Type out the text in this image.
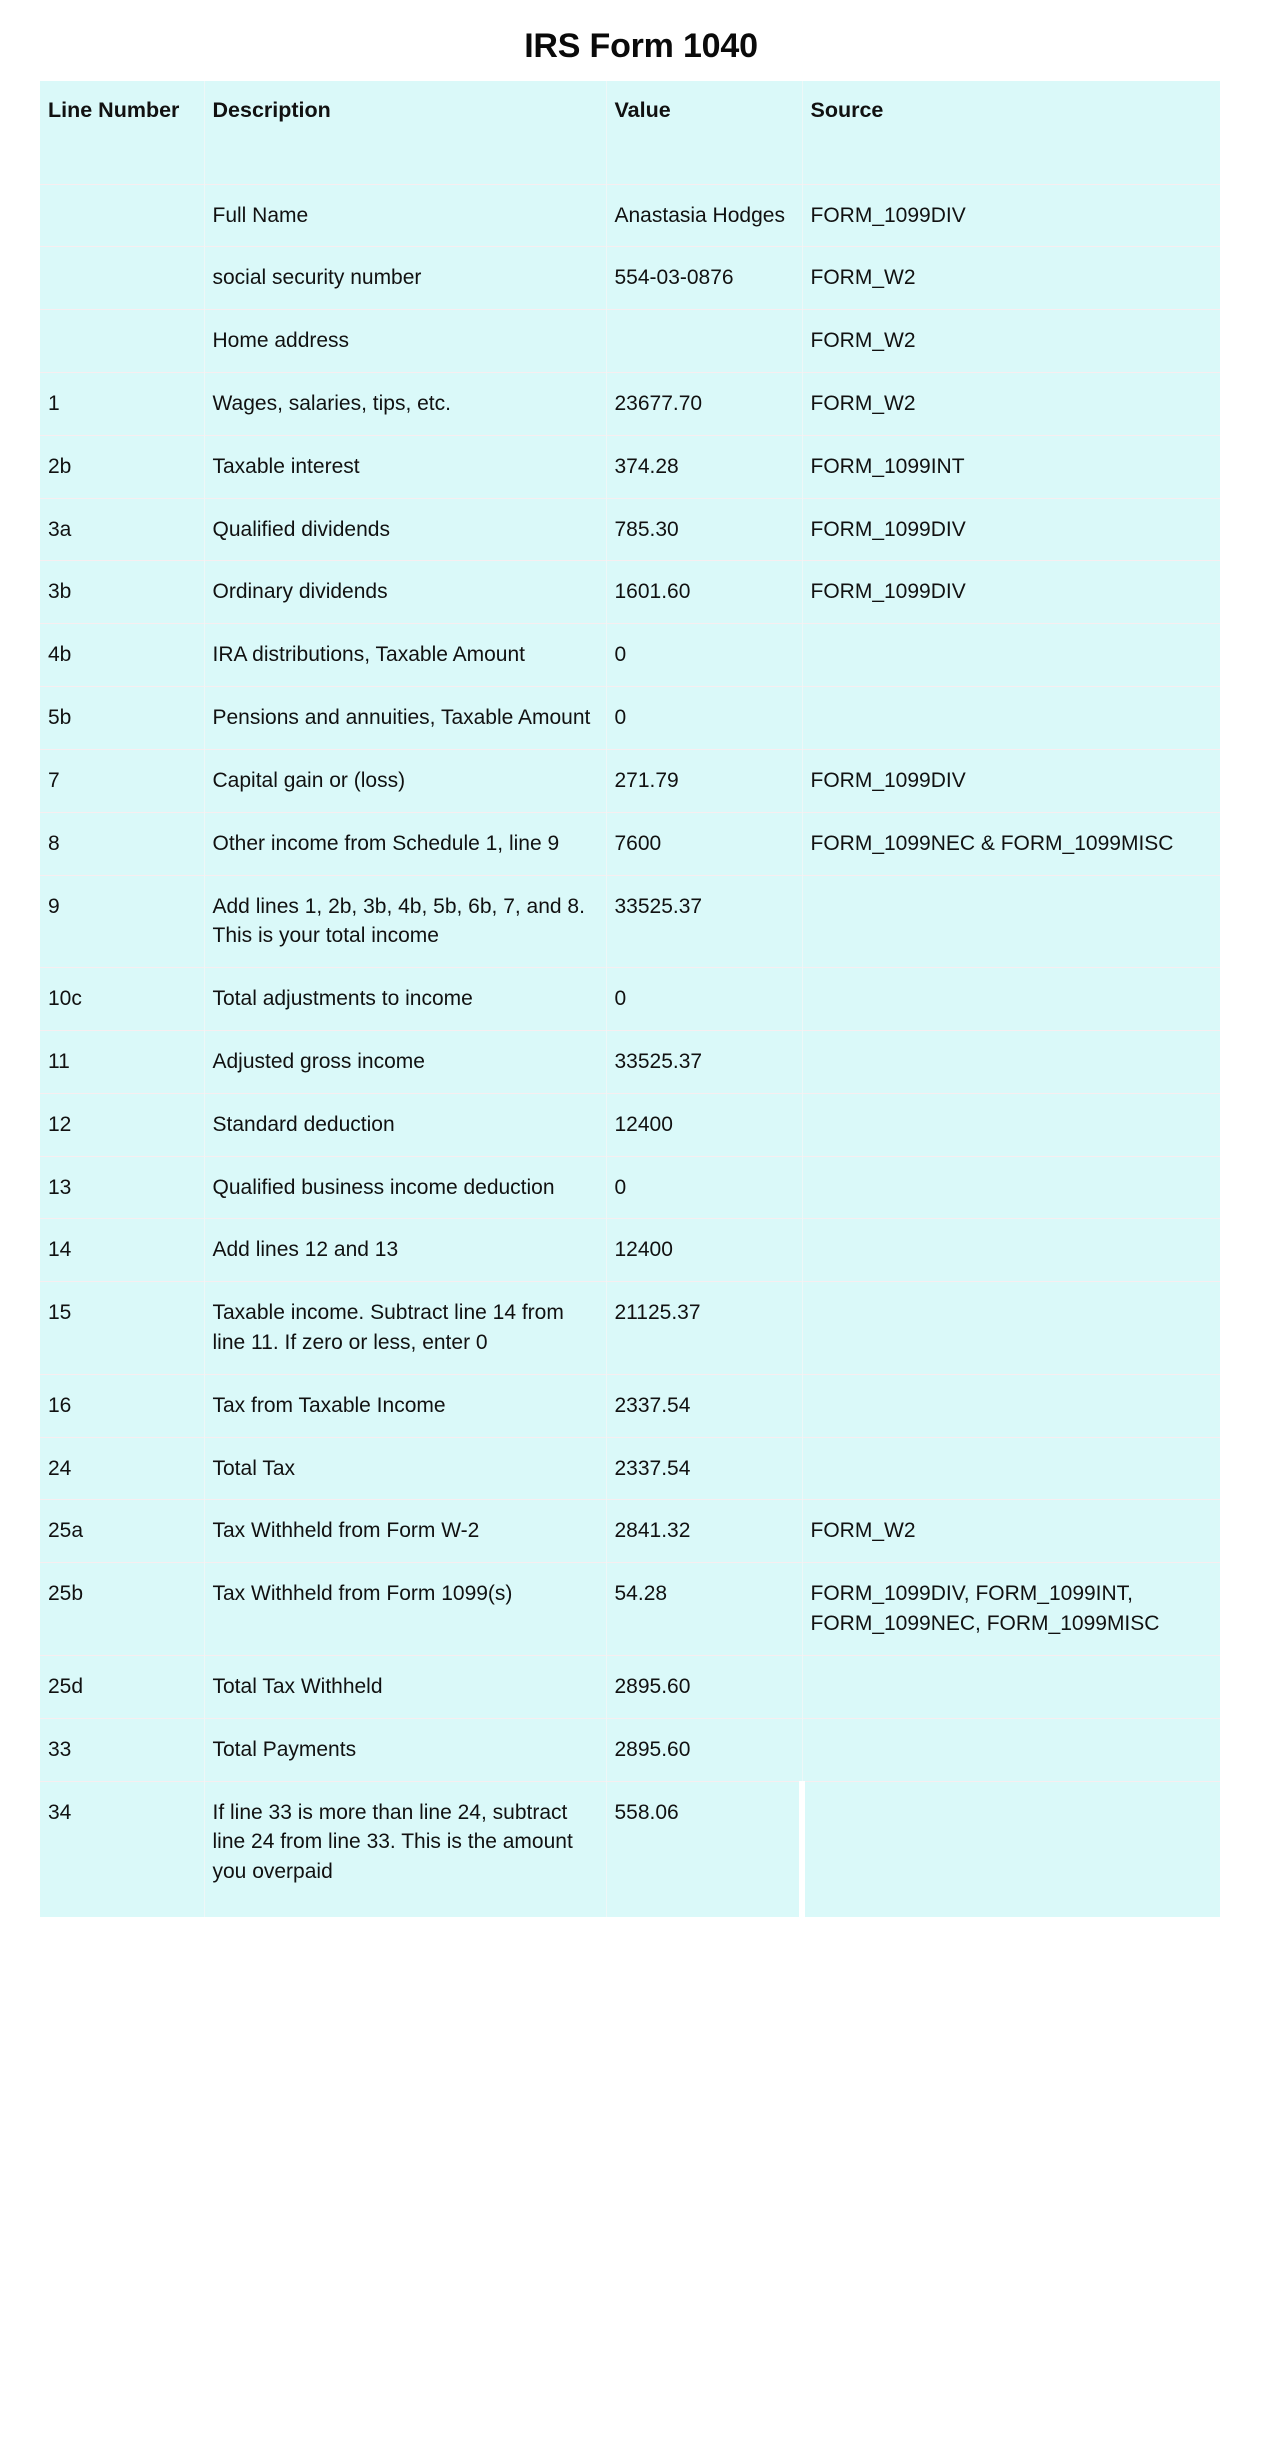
IRS Form 1040
Line Number	Description	Value	Source
	Full Name	Anastasia Hodges	FORM_1099DIV
	social security number	554-03-0876	FORM_W2
	Home address		FORM_W2
1	Wages, salaries, tips, etc.	23677.70	FORM_W2
2b	Taxable interest	374.28	FORM_1099INT
3a	Qualified dividends	785.30	FORM_1099DIV
3b	Ordinary dividends	1601.60	FORM_1099DIV
4b	IRA distributions, Taxable Amount	0	
5b	Pensions and annuities, Taxable Amount	0	
7	Capital gain or (loss)	271.79	FORM_1099DIV
8	Other income from Schedule 1, line 9	7600	FORM_1099NEC & FORM_1099MISC
9	Add lines 1, 2b, 3b, 4b, 5b, 6b, 7, and 8. This is your total income	33525.37	
10c	Total adjustments to income	0	
11	Adjusted gross income	33525.37	
12	Standard deduction	12400	
13	Qualified business income deduction	0	
14	Add lines 12 and 13	12400	
15	Taxable income. Subtract line 14 from line 11. If zero or less, enter 0	21125.37	
16	Tax from Taxable Income	2337.54	
24	Total Tax	2337.54	
25a	Tax Withheld from Form W-2	2841.32	FORM_W2
25b	Tax Withheld from Form 1099(s)	54.28	FORM_1099DIV, FORM_1099INT, FORM_1099NEC, FORM_1099MISC
25d	Total Tax Withheld	2895.60	
33	Total Payments	2895.60	
34	If line 33 is more than line 24, subtract line 24 from line 33. This is the amount you overpaid	558.06	
